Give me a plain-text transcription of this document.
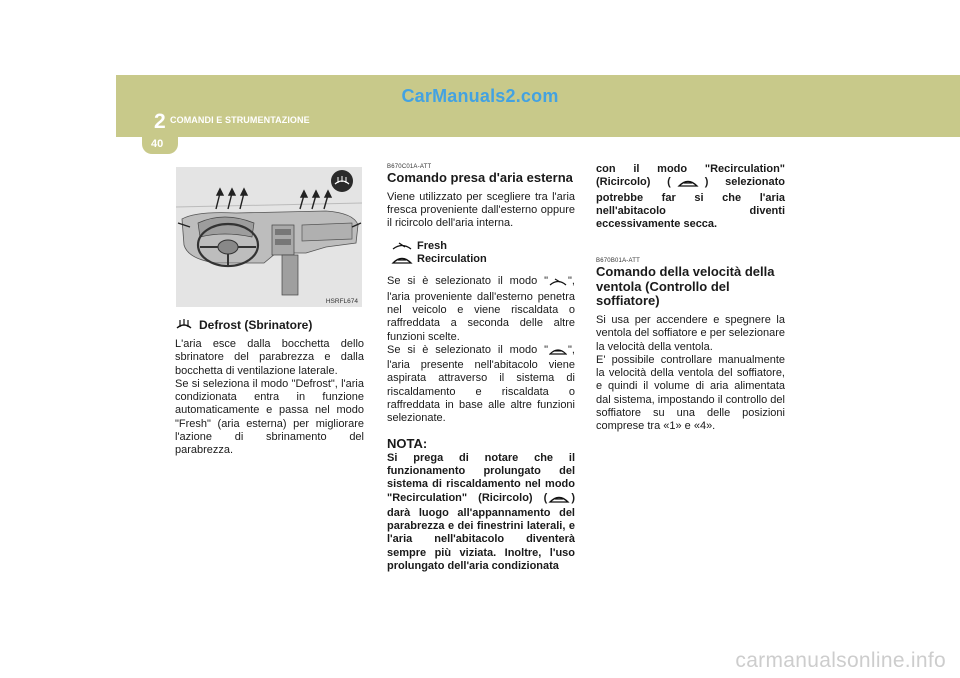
CarManuals2.com
2 COMANDI E STRUMENTAZIONE
40
HSRFL674
Defrost (Sbrinatore)
L'aria esce dalla bocchetta dello sbrinatore del parabrezza e dalla bocchetta di ventilazione laterale.
Se si seleziona il modo "Defrost", l'aria condizionata entra in funzione automaticamente e passa nel modo "Fresh" (aria esterna) per migliorare l'azione di sbrinamento del parabrezza.
B670C01A-ATT
Comando presa d'aria esterna
Viene utilizzato per scegliere tra l'aria fresca proveniente dall'esterno oppure il ricircolo dell'aria interna.
Fresh
Recirculation
Se si è selezionato il modo " ", l'aria proveniente dall'esterno penetra nel veicolo e viene riscaldata o raffreddata a seconda delle altre funzioni scelte.
Se si è selezionato il modo " ", l'aria presente nell'abitacolo viene aspirata attraverso il sistema di riscaldamento e riscaldata o raffreddata in base alle altre funzioni selezionate.
NOTA:
Si prega di notare che il funzionamento prolungato del sistema di riscaldamento nel modo "Recirculation" (Ricircolo) ( ) darà luogo all'appannamento del parabrezza e dei finestrini laterali, e l'aria nell'abitacolo diventerà sempre più viziata. Inoltre, l'uso prolungato dell'aria condizionata
con il modo "Recirculation" (Ricircolo) (	) selezionato potrebbe far si che l'aria nell'abitacolo diventi eccessivamente secca.
B670B01A-ATT
Comando della velocità della ventola (Controllo del soffiatore)
Si usa per accendere e spegnere la ventola del soffiatore e per selezionare la velocità della ventola.
E' possibile controllare manualmente la velocità della ventola del soffiatore, e quindi il volume di aria alimentata dal sistema, impostando il controllo del soffiatore su una delle posizioni comprese tra «1» e «4».
carmanualsonline.info
